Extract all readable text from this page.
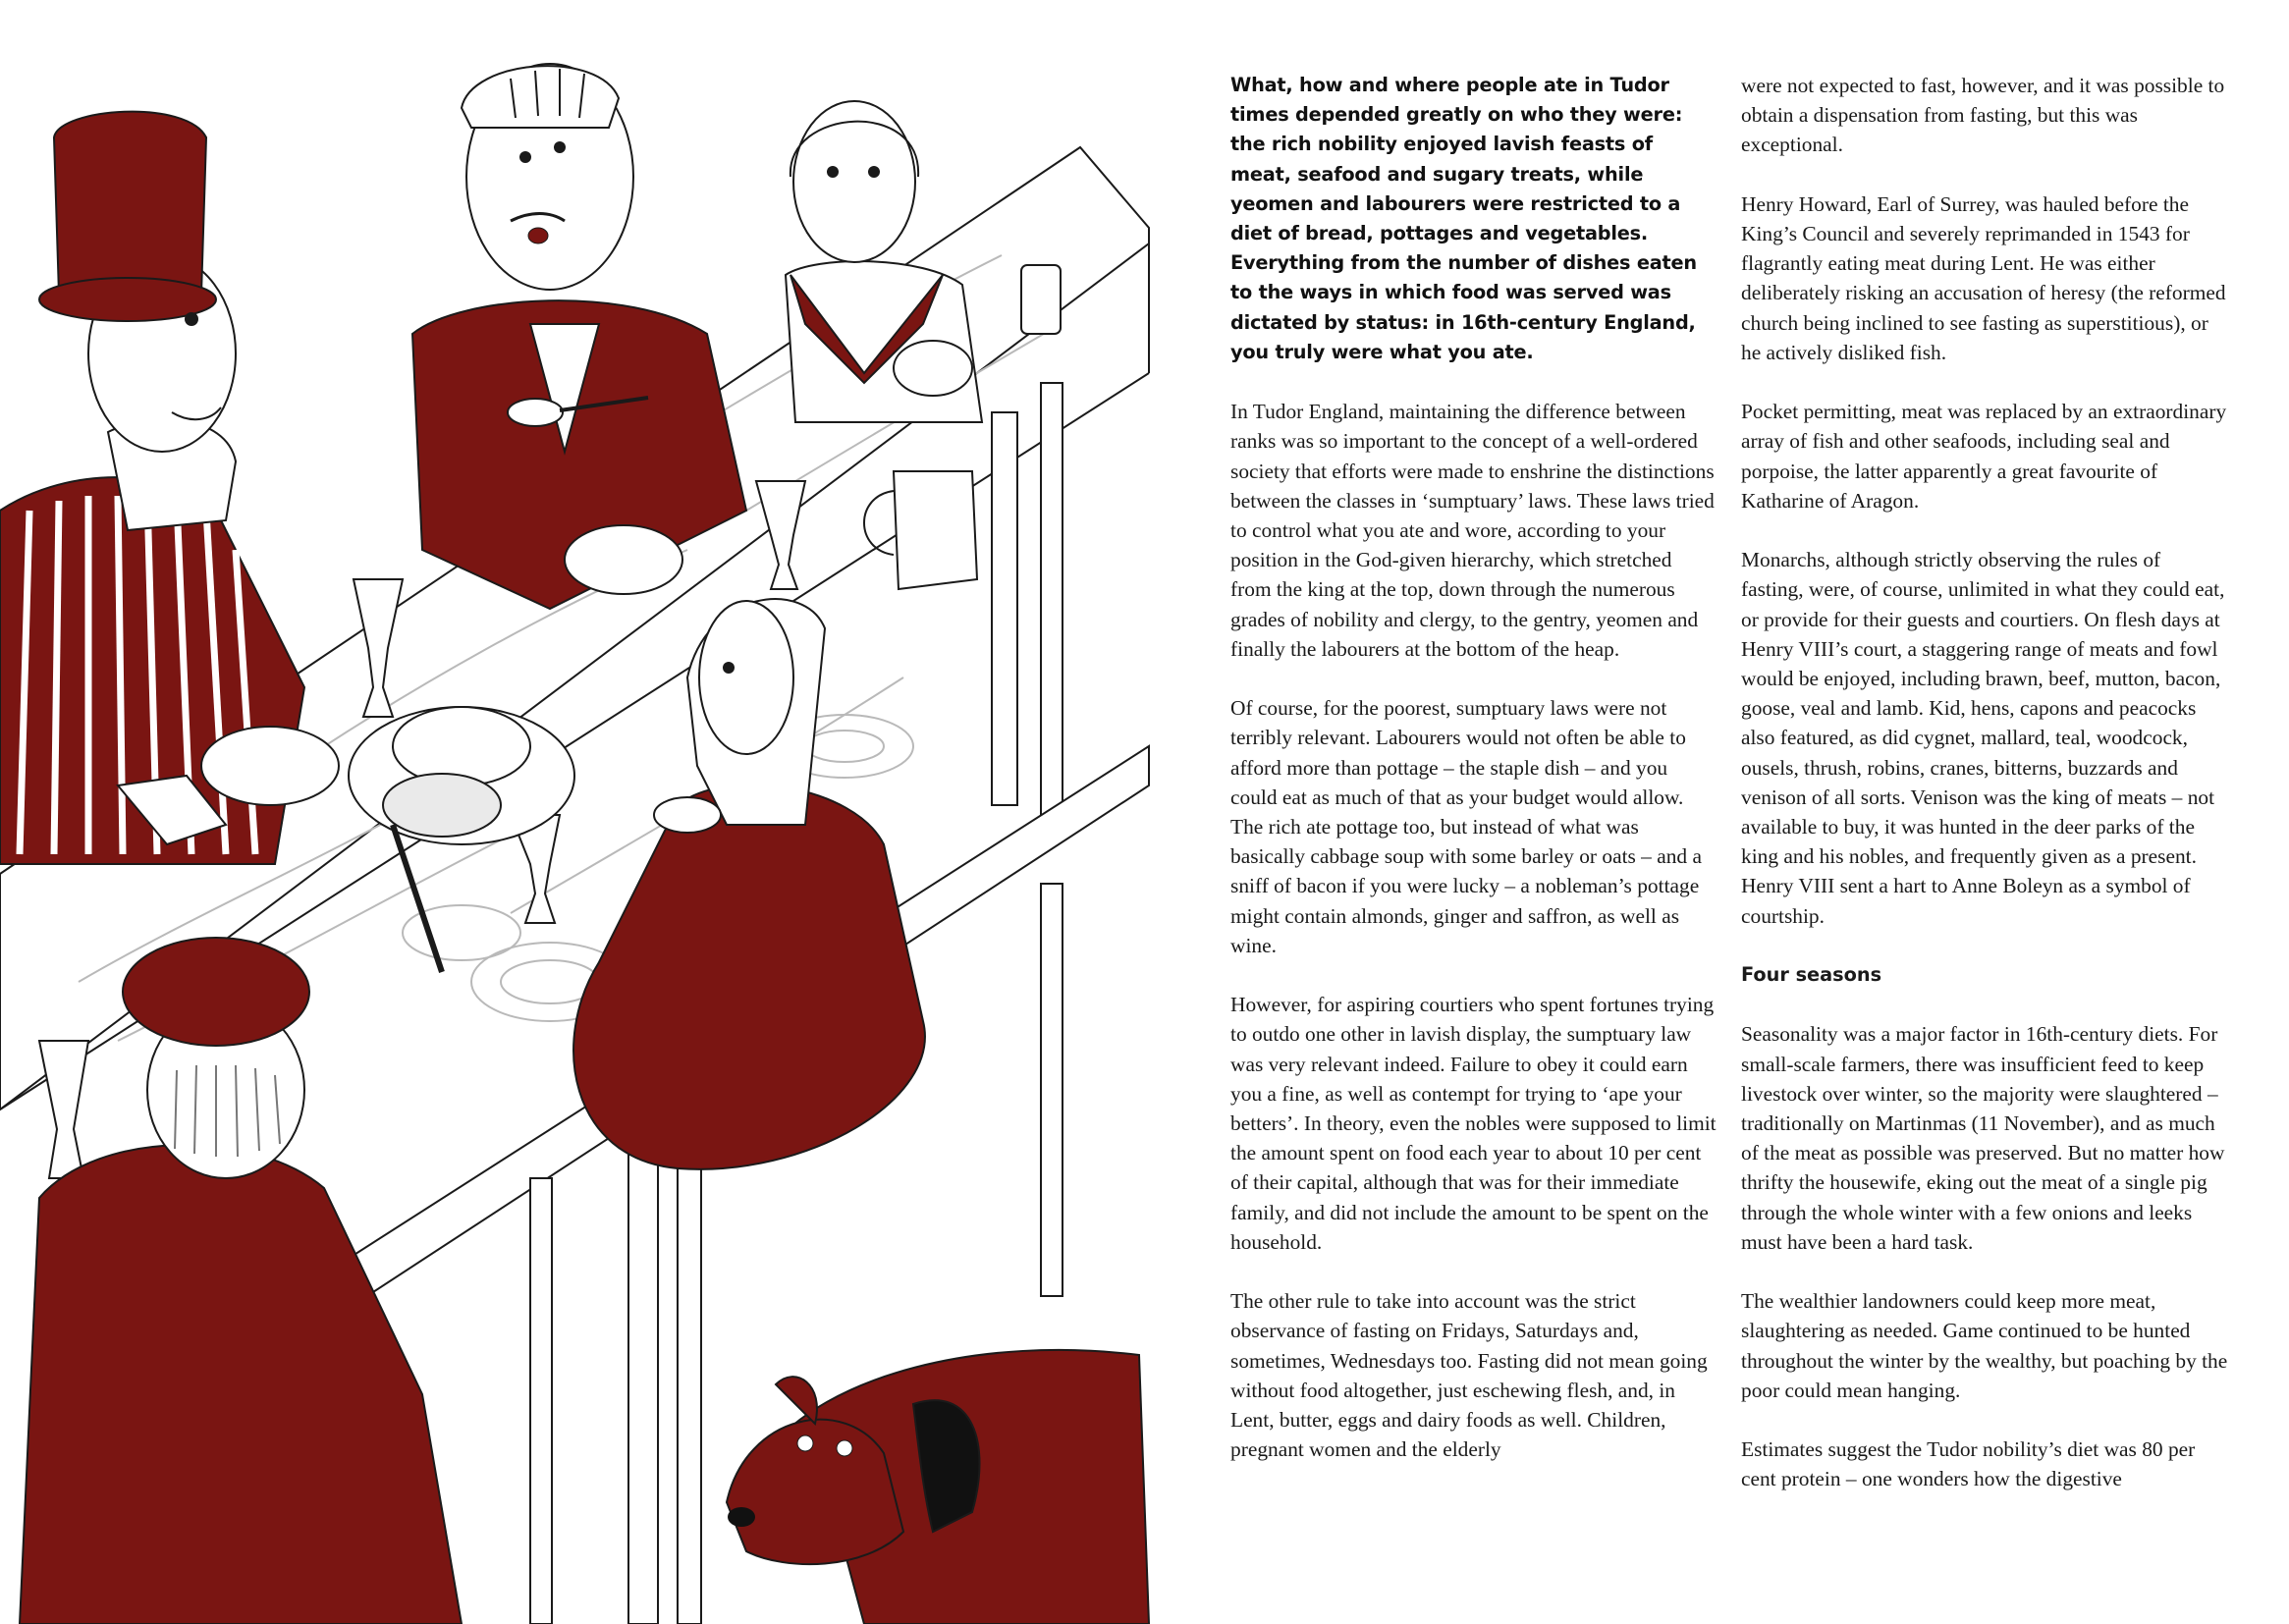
What, how and where people ate in Tudor times depended greatly on who they were: the rich nobility enjoyed lavish feasts of meat, seafood and sugary treats, while yeomen and labourers were restricted to a diet of bread, pottages and vegetables. Everything from the number of dishes eaten to the ways in which food was served was dictated by status: in 16th-century England, you truly were what you ate.

In Tudor England, maintaining the difference between ranks was so important to the concept of a well-ordered society that efforts were made to enshrine the distinctions between the classes in ‘sumptuary’ laws. These laws tried to control what you ate and wore, according to your position in the God-given hierarchy, which stretched from the king at the top, down through the numerous grades of nobility and clergy, to the gentry, yeomen and finally the labourers at the bottom of the heap.

Of course, for the poorest, sumptuary laws were not terribly relevant. Labourers would not often be able to afford more than pottage – the staple dish – and you could eat as much of that as your budget would allow. The rich ate pottage too, but instead of what was basically cabbage soup with some barley or oats – and a sniff of bacon if you were lucky – a nobleman’s pottage might contain almonds, ginger and saffron, as well as wine.

However, for aspiring courtiers who spent fortunes trying to outdo one other in lavish display, the sumptuary law was very relevant indeed. Failure to obey it could earn you a fine, as well as contempt for trying to ‘ape your betters’. In theory, even the nobles were supposed to limit the amount spent on food each year to about 10 per cent of their capital, although that was for their immediate family, and did not include the amount to be spent on the household.

The other rule to take into account was the strict observance of fasting on Fridays, Saturdays and, sometimes, Wednesdays too. Fasting did not mean going without food altogether, just eschewing flesh, and, in Lent, butter, eggs and dairy foods as well. Children, pregnant women and the elderly

were not expected to fast, however, and it was possible to obtain a dispensation from fasting, but this was exceptional.

Henry Howard, Earl of Surrey, was hauled before the King’s Council and severely reprimanded in 1543 for flagrantly eating meat during Lent. He was either deliberately risking an accusation of heresy (the reformed church being inclined to see fasting as superstitious), or he actively disliked fish.

Pocket permitting, meat was replaced by an extraordinary array of fish and other seafoods, including seal and porpoise, the latter apparently a great favourite of Katharine of Aragon.

Monarchs, although strictly observing the rules of fasting, were, of course, unlimited in what they could eat, or provide for their guests and courtiers. On flesh days at Henry VIII’s court, a staggering range of meats and fowl would be enjoyed, including brawn, beef, mutton, bacon, goose, veal and lamb. Kid, hens, capons and peacocks also featured, as did cygnet, mallard, teal, woodcock, ousels, thrush, robins, cranes, bitterns, buzzards and venison of all sorts. Venison was the king of meats – not available to buy, it was hunted in the deer parks of the king and his nobles, and frequently given as a present. Henry VIII sent a hart to Anne Boleyn as a symbol of courtship.

Four seasons

Seasonality was a major factor in 16th-century diets. For small-scale farmers, there was insufficient feed to keep livestock over winter, so the majority were slaughtered – traditionally on Martinmas (11 November), and as much of the meat as possible was preserved. But no matter how thrifty the housewife, eking out the meat of a single pig through the whole winter with a few onions and leeks must have been a hard task.

The wealthier landowners could keep more meat, slaughtering as needed. Game continued to be hunted throughout the winter by the wealthy, but poaching by the poor could mean hanging.

Estimates suggest the Tudor nobility’s diet was 80 per cent protein – one wonders how the digestive
